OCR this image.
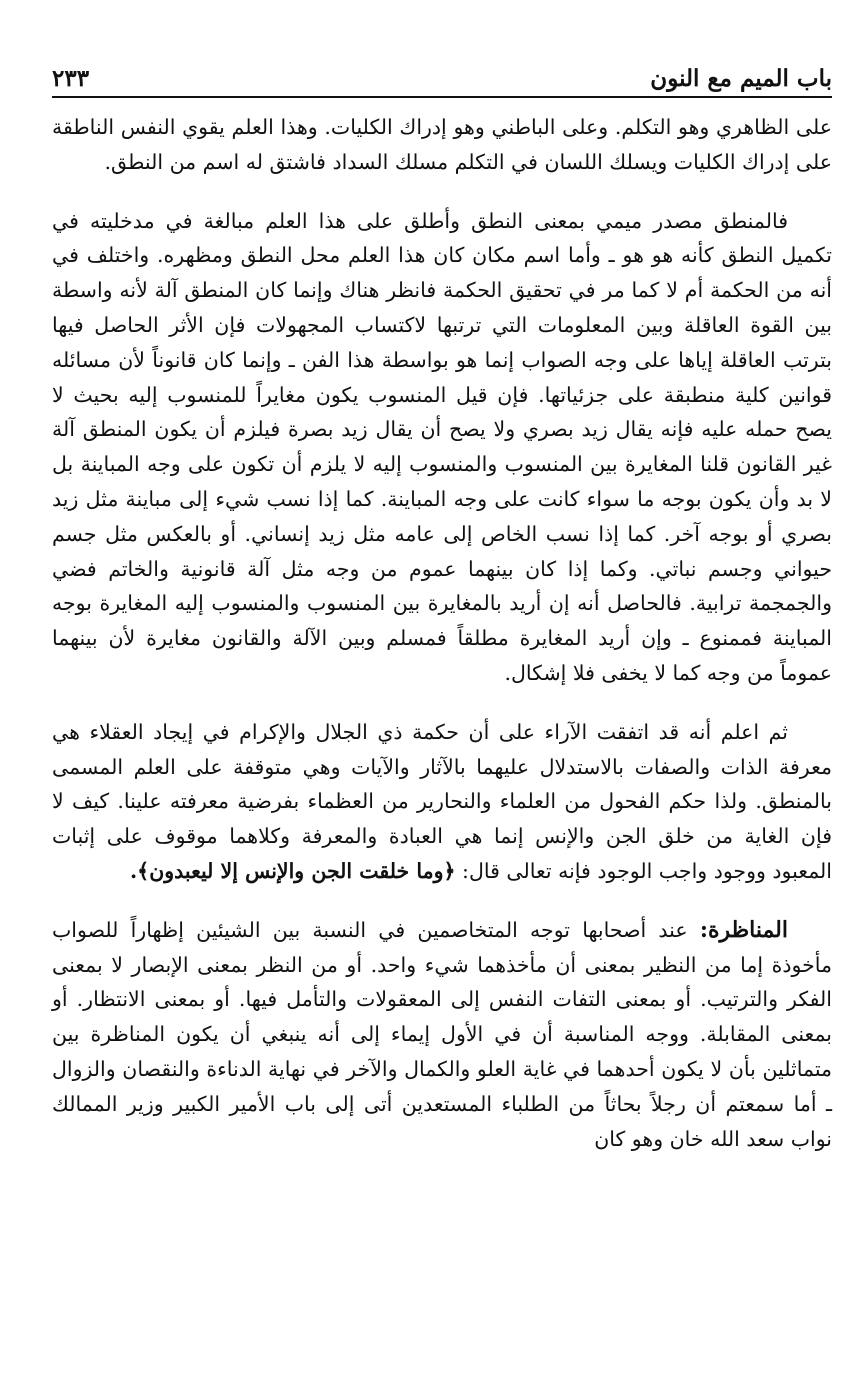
باب الميم مع النون
٢٣٣

على الظاهري وهو التكلم. وعلى الباطني وهو إدراك الكليات. وهذا العلم يقوي النفس الناطقة على إدراك الكليات ويسلك اللسان في التكلم مسلك السداد فاشتق له اسم من النطق.

فالمنطق مصدر ميمي بمعنى النطق وأطلق على هذا العلم مبالغة في مدخليته في تكميل النطق كأنه هو هو ـ وأما اسم مكان كان هذا العلم محل النطق ومظهره. واختلف في أنه من الحكمة أم لا كما مر في تحقيق الحكمة فانظر هناك وإنما كان المنطق آلة لأنه واسطة بين القوة العاقلة وبين المعلومات التي ترتبها لاكتساب المجهولات فإن الأثر الحاصل فيها بترتب العاقلة إياها على وجه الصواب إنما هو بواسطة هذا الفن ـ وإنما كان قانوناً لأن مسائله قوانين كلية منطبقة على جزئياتها. فإن قيل المنسوب يكون مغايراً للمنسوب إليه بحيث لا يصح حمله عليه فإنه يقال زيد بصري ولا يصح أن يقال زيد بصرة فيلزم أن يكون المنطق آلة غير القانون قلنا المغايرة بين المنسوب والمنسوب إليه لا يلزم أن تكون على وجه المباينة بل لا بد وأن يكون بوجه ما سواء كانت على وجه المباينة. كما إذا نسب شيء إلى مباينة مثل زيد بصري أو بوجه آخر. كما إذا نسب الخاص إلى عامه مثل زيد إنساني. أو بالعكس مثل جسم حيواني وجسم نباتي. وكما إذا كان بينهما عموم من وجه مثل آلة قانونية والخاتم فضي والجمجمة ترابية. فالحاصل أنه إن أريد بالمغايرة بين المنسوب والمنسوب إليه المغايرة بوجه المباينة فممنوع ـ وإن أريد المغايرة مطلقاً فمسلم وبين الآلة والقانون مغايرة لأن بينهما عموماً من وجه كما لا يخفى فلا إشكال.

ثم اعلم أنه قد اتفقت الآراء على أن حكمة ذي الجلال والإكرام في إيجاد العقلاء هي معرفة الذات والصفات بالاستدلال عليهما بالآثار والآيات وهي متوقفة على العلم المسمى بالمنطق. ولذا حكم الفحول من العلماء والنحارير من العظماء بفرضية معرفته علينا. كيف لا فإن الغاية من خلق الجن والإنس إنما هي العبادة والمعرفة وكلاهما موقوف على إثبات المعبود ووجود واجب الوجود فإنه تعالى قال: ﴿وما خلقت الجن والإنس إلا ليعبدون﴾.

المناظرة: عند أصحابها توجه المتخاصمين في النسبة بين الشيئين إظهاراً للصواب مأخوذة إما من النظير بمعنى أن مأخذهما شيء واحد. أو من النظر بمعنى الإبصار لا بمعنى الفكر والترتيب. أو بمعنى التفات النفس إلى المعقولات والتأمل فيها. أو بمعنى الانتظار. أو بمعنى المقابلة. ووجه المناسبة أن في الأول إيماء إلى أنه ينبغي أن يكون المناظرة بين متماثلين بأن لا يكون أحدهما في غاية العلو والكمال والآخر في نهاية الدناءة والنقصان والزوال ـ أما سمعتم أن رجلاً بحاثاً من الطلباء المستعدين أتى إلى باب الأمير الكبير وزير الممالك نواب سعد الله خان وهو كان
